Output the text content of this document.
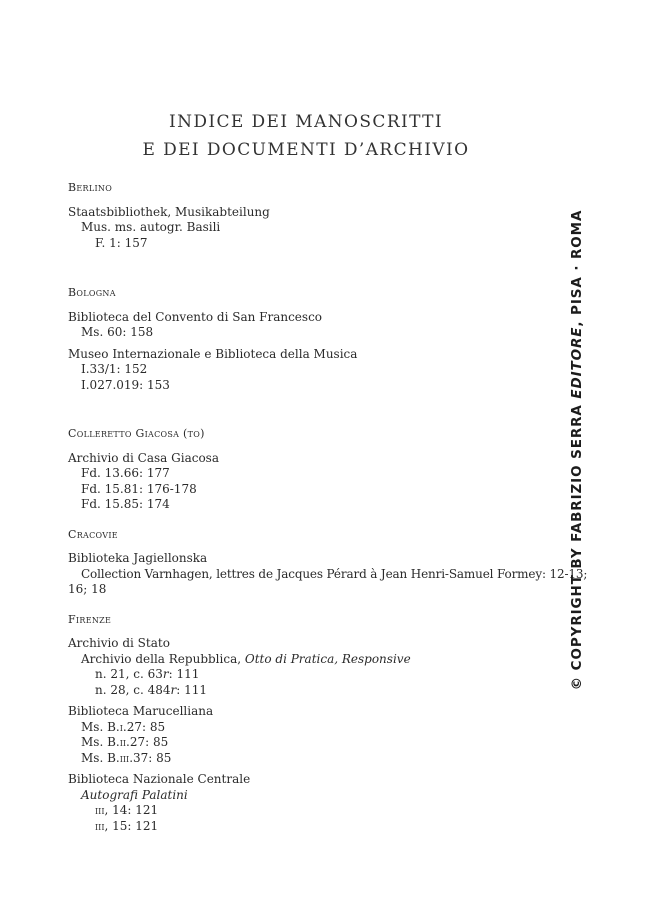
INDICE DEI MANOSCRITTI
E DEI DOCUMENTI D’ARCHIVIO
Berlino
Staatsbibliothek, Musikabteilung
Mus. ms. autogr. Basili
F. 1: 157
Bologna
Biblioteca del Convento di San Francesco
Ms. 60: 158
Museo Internazionale e Biblioteca della Musica
I.33/1: 152
I.027.019: 153
Colleretto Giacosa (to)
Archivio di Casa Giacosa
Fd. 13.66: 177
Fd. 15.81: 176-178
Fd. 15.85: 174
Cracovie
Biblioteka Jagiellonska
Collection Varnhagen, lettres de Jacques Pérard à Jean Henri-Samuel Formey: 12-13;
16; 18
Firenze
Archivio di Stato
Archivio della Repubblica, Otto di Pratica, Responsive
n. 21, c. 63r: 111
n. 28, c. 484r: 111
Biblioteca Marucelliana
Ms. B.i.27: 85
Ms. B.ii.27: 85
Ms. B.iii.37: 85
Biblioteca Nazionale Centrale
Autografi Palatini
iii, 14: 121
iii, 15: 121
© COPYRIGHT BY FABRIZIO SERRA EDITORE, PISA · ROMA
